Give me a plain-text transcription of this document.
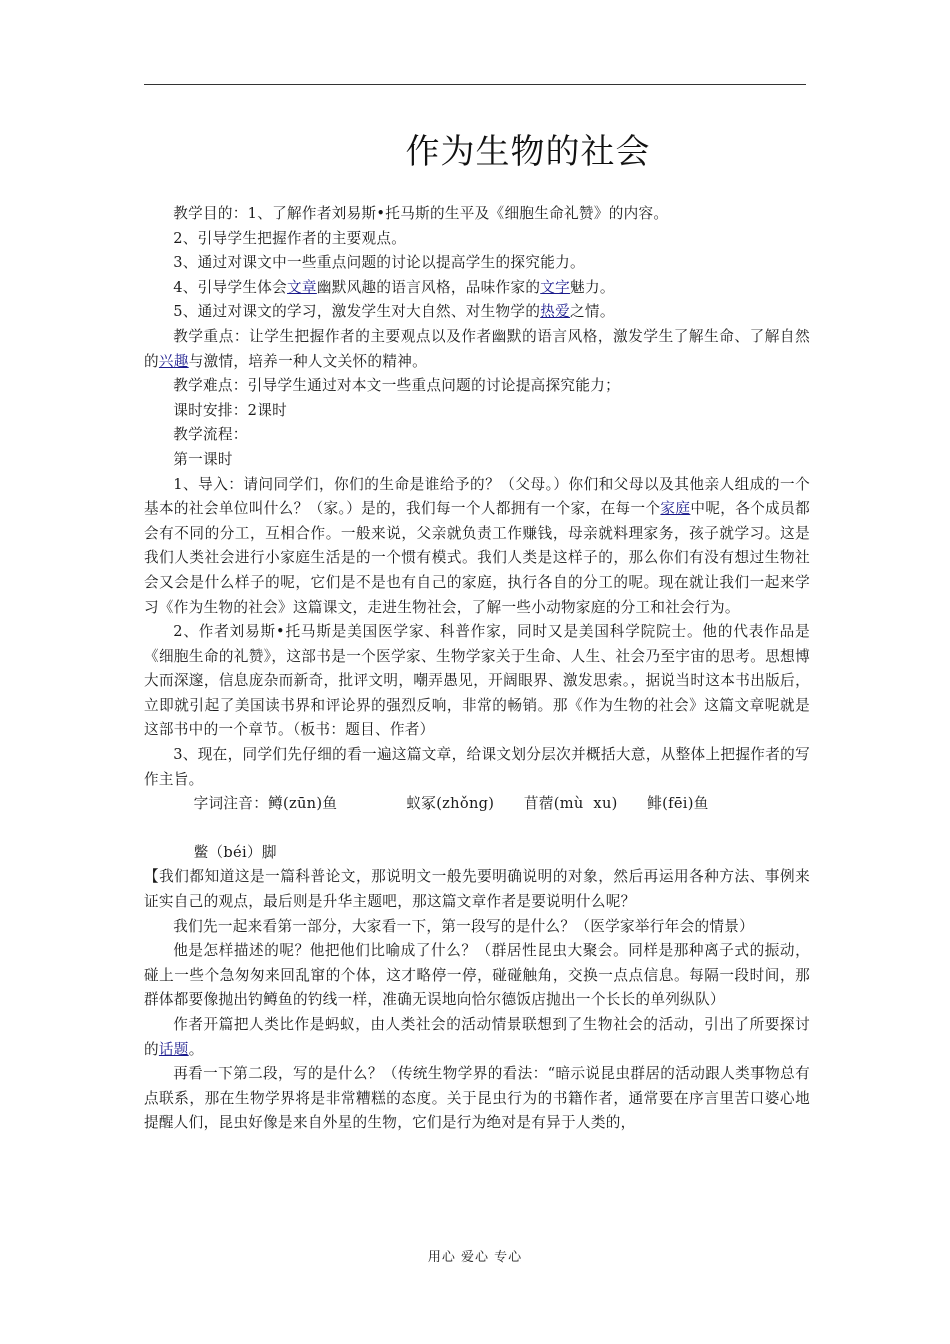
作为生物的社会

教学目的：1、了解作者刘易斯•托马斯的生平及《细胞生命礼赞》的内容。

2、引导学生把握作者的主要观点。

3、通过对课文中一些重点问题的讨论以提高学生的探究能力。

4、引导学生体会文章幽默风趣的语言风格，品味作家的文字魅力。

5、通过对课文的学习，激发学生对大自然、对生物学的热爱之情。

教学重点：让学生把握作者的主要观点以及作者幽默的语言风格，激发学生了解生命、了解自然的兴趣与激情，培养一种人文关怀的精神。

教学难点：引导学生通过对本文一些重点问题的讨论提高探究能力；

课时安排：2课时

教学流程：

第一课时

1、导入：请问同学们，你们的生命是谁给予的？（父母。）你们和父母以及其他亲人组成的一个基本的社会单位叫什么？（家。）是的，我们每一个人都拥有一个家，在每一个家庭中呢，各个成员都会有不同的分工，互相合作。一般来说，父亲就负责工作赚钱，母亲就料理家务，孩子就学习。这是我们人类社会进行小家庭生活是的一个惯有模式。我们人类是这样子的，那么你们有没有想过生物社会又会是什么样子的呢，它们是不是也有自己的家庭，执行各自的分工的呢。现在就让我们一起来学习《作为生物的社会》这篇课文，走进生物社会，了解一些小动物家庭的分工和社会行为。

2、作者刘易斯•托马斯是美国医学家、科普作家，同时又是美国科学院院士。他的代表作品是《细胞生命的礼赞》，这部书是一个医学家、生物学家关于生命、人生、社会乃至宇宙的思考。思想博大而深邃，信息庞杂而新奇，批评文明，嘲弄愚见，开阔眼界、激发思索。，据说当时这本书出版后，立即就引起了美国读书界和评论界的强烈反响，非常的畅销。那《作为生物的社会》这篇文章呢就是这部书中的一个章节。（板书：题目、作者）

3、现在，同学们先仔细的看一遍这篇文章，给课文划分层次并概括大意，从整体上把握作者的写作主旨。

字词注音：鳟(zūn)鱼              蚁冢(zhǒng)      苜蓿(mù  xu)      鲱(fēi)鱼

鳖（béi）脚

【我们都知道这是一篇科普论文，那说明文一般先要明确说明的对象，然后再运用各种方法、事例来证实自己的观点，最后则是升华主题吧，那这篇文章作者是要说明什么呢？

我们先一起来看第一部分，大家看一下，第一段写的是什么？（医学家举行年会的情景）

他是怎样描述的呢？他把他们比喻成了什么？（群居性昆虫大聚会。同样是那种离子式的振动，碰上一些个急匆匆来回乱窜的个体，这才略停一停，碰碰触角，交换一点点信息。每隔一段时间，那群体都要像抛出钓鳟鱼的钓线一样，准确无误地向恰尔德饭店抛出一个长长的单列纵队）

作者开篇把人类比作是蚂蚁，由人类社会的活动情景联想到了生物社会的活动，引出了所要探讨的话题。

再看一下第二段，写的是什么？（传统生物学界的看法：“暗示说昆虫群居的活动跟人类事物总有点联系，那在生物学界将是非常糟糕的态度。关于昆虫行为的书籍作者，通常要在序言里苦口婆心地提醒人们，昆虫好像是来自外星的生物，它们是行为绝对是有异于人类的，

用心 爱心 专心
